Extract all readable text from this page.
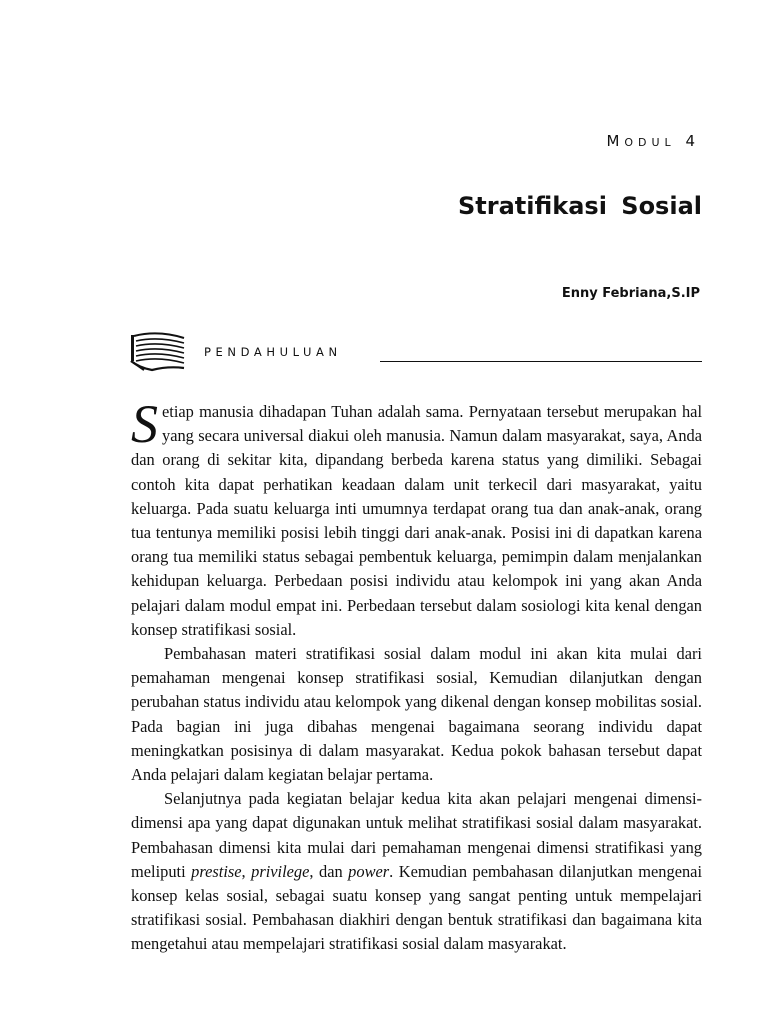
Modul 4
Stratifikasi Sosial
Enny Febriana,S.IP
PENDAHULUAN

Setiap manusia dihadapan Tuhan adalah sama. Pernyataan tersebut merupakan hal yang secara universal diakui oleh manusia. Namun dalam masyarakat, saya, Anda dan orang di sekitar kita, dipandang berbeda karena status yang dimiliki. Sebagai contoh kita dapat perhatikan keadaan dalam unit terkecil dari masyarakat, yaitu keluarga. Pada suatu keluarga inti umumnya terdapat orang tua dan anak-anak, orang tua tentunya memiliki posisi lebih tinggi dari anak-anak. Posisi ini di dapatkan karena orang tua memiliki status sebagai pembentuk keluarga, pemimpin dalam menjalankan kehidupan keluarga. Perbedaan posisi individu atau kelompok ini yang akan Anda pelajari dalam modul empat ini. Perbedaan tersebut dalam sosiologi kita kenal dengan konsep stratifikasi sosial.

Pembahasan materi stratifikasi sosial dalam modul ini akan kita mulai dari pemahaman mengenai konsep stratifikasi sosial, Kemudian dilanjutkan dengan perubahan status individu atau kelompok yang dikenal dengan konsep mobilitas sosial. Pada bagian ini juga dibahas mengenai bagaimana seorang individu dapat meningkatkan posisinya di dalam masyarakat. Kedua pokok bahasan tersebut dapat Anda pelajari dalam kegiatan belajar pertama.

Selanjutnya pada kegiatan belajar kedua kita akan pelajari mengenai dimensi-dimensi apa yang dapat digunakan untuk melihat stratifikasi sosial dalam masyarakat. Pembahasan dimensi kita mulai dari pemahaman mengenai dimensi stratifikasi yang meliputi prestise, privilege, dan power. Kemudian pembahasan dilanjutkan mengenai konsep kelas sosial, sebagai suatu konsep yang sangat penting untuk mempelajari stratifikasi sosial. Pembahasan diakhiri dengan bentuk stratifikasi dan bagaimana kita mengetahui atau mempelajari stratifikasi sosial dalam masyarakat.
